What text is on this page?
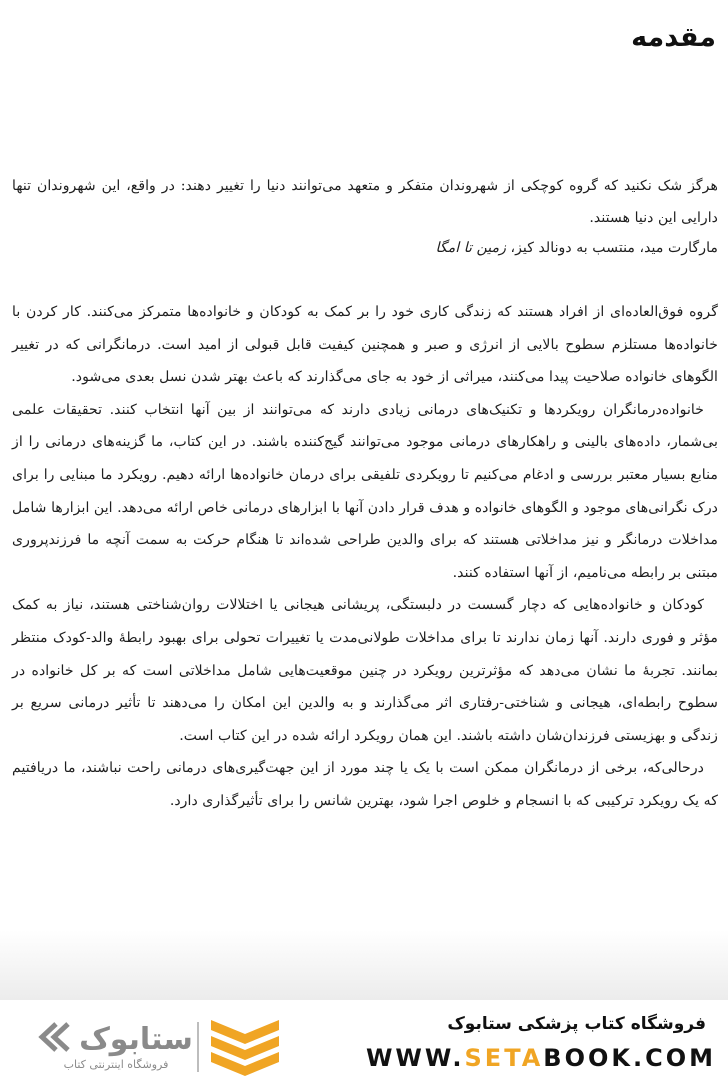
مقدمه

هرگز شک نکنید که گروه کوچکی از شهروندان متفکر و متعهد می‌توانند دنیا را تغییر دهند: در واقع، این شهروندان تنها دارایی این دنیا هستند.

مارگارت مید، منتسب به دونالد کیز، زمین تا امگا

گروه فوق‌العاده‌ای از افراد هستند که زندگی کاری خود را بر کمک به کودکان و خانواده‌ها متمرکز می‌کنند. کار کردن با خانواده‌ها مستلزم سطوح بالایی از انرژی و صبر و همچنین کیفیت قابل قبولی از امید است. درمانگرانی که در تغییر الگوهای خانواده صلاحیت پیدا می‌کنند، میراثی از خود به جای می‌گذارند که باعث بهتر شدن نسل بعدی می‌شود.

خانواده‌درمانگران رویکردها و تکنیک‌های درمانی زیادی دارند که می‌توانند از بین آنها انتخاب کنند. تحقیقات علمی بی‌شمار، داده‌های بالینی و راهکارهای درمانی موجود می‌توانند گیج‌کننده باشند. در این کتاب، ما گزینه‌های درمانی را از منابع بسیار معتبر بررسی و ادغام می‌کنیم تا رویکردی تلفیقی برای درمان خانواده‌ها ارائه دهیم. رویکرد ما مبنایی را برای درک نگرانی‌های موجود و الگوهای خانواده و هدف قرار دادن آنها با ابزارهای درمانی خاص ارائه می‌دهد. این ابزارها شامل مداخلات درمانگر و نیز مداخلاتی هستند که برای والدین طراحی شده‌اند تا هنگام حرکت به سمت آنچه ما فرزندپروری مبتنی بر رابطه می‌نامیم، از آنها استفاده کنند.

کودکان و خانواده‌هایی که دچار گسست در دلبستگی، پریشانی هیجانی یا اختلالات روان‌شناختی هستند، نیاز به کمک مؤثر و فوری دارند. آنها زمان ندارند تا برای مداخلات طولانی‌مدت یا تغییرات تحولی برای بهبود رابطهٔ والد-کودک منتظر بمانند. تجربهٔ ما نشان می‌دهد که مؤثرترین رویکرد در چنین موقعیت‌هایی شامل مداخلاتی است که بر کل خانواده در سطوح رابطه‌ای، هیجانی و شناختی-رفتاری اثر می‌گذارند و به والدین این امکان را می‌دهند تا تأثیر درمانی سریع بر زندگی و بهزیستی فرزندان‌شان داشته باشند. این همان رویکرد ارائه شده در این کتاب است.

درحالی‌که، برخی از درمانگران ممکن است با یک یا چند مورد از این جهت‌گیری‌های درمانی راحت نباشند، ما دریافتیم که یک رویکرد ترکیبی که با انسجام و خلوص اجرا شود، بهترین شانس را برای تأثیرگذاری دارد.

فروشگاه کتاب پزشکی ستابوک
WWW.SETABOOK.COM
ستابوک
فروشگاه اینترنتی کتاب
